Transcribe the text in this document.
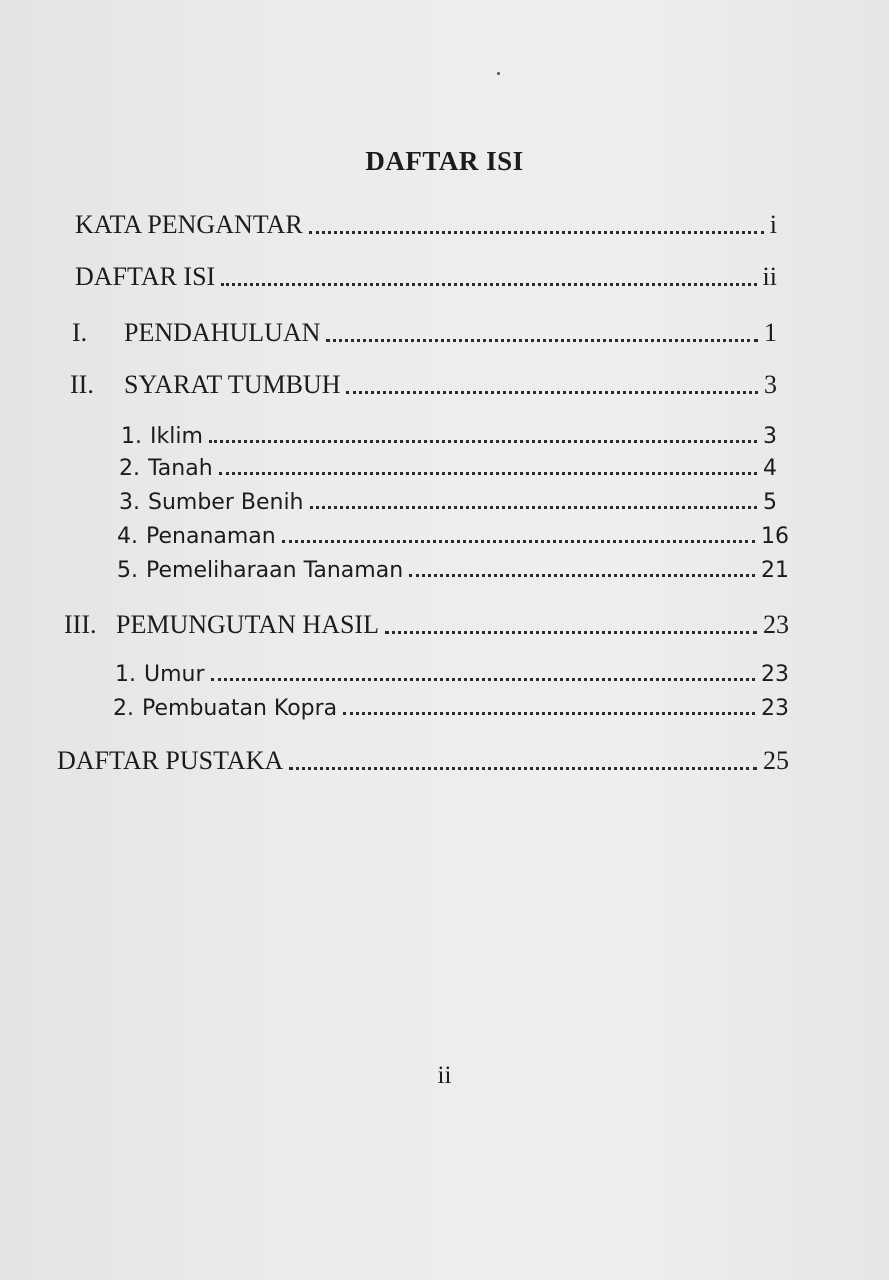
DAFTAR ISI
KATA PENGANTAR	i
DAFTAR ISI	ii
I.	PENDAHULUAN	1
II.	SYARAT TUMBUH	3
1. Iklim	3
2. Tanah	4
3. Sumber Benih	5
4. Penanaman	16
5. Pemeliharaan Tanaman	21
III. PEMUNGUTAN HASIL	23
1. Umur	23
2. Pembuatan Kopra	23
DAFTAR PUSTAKA	25
ii
